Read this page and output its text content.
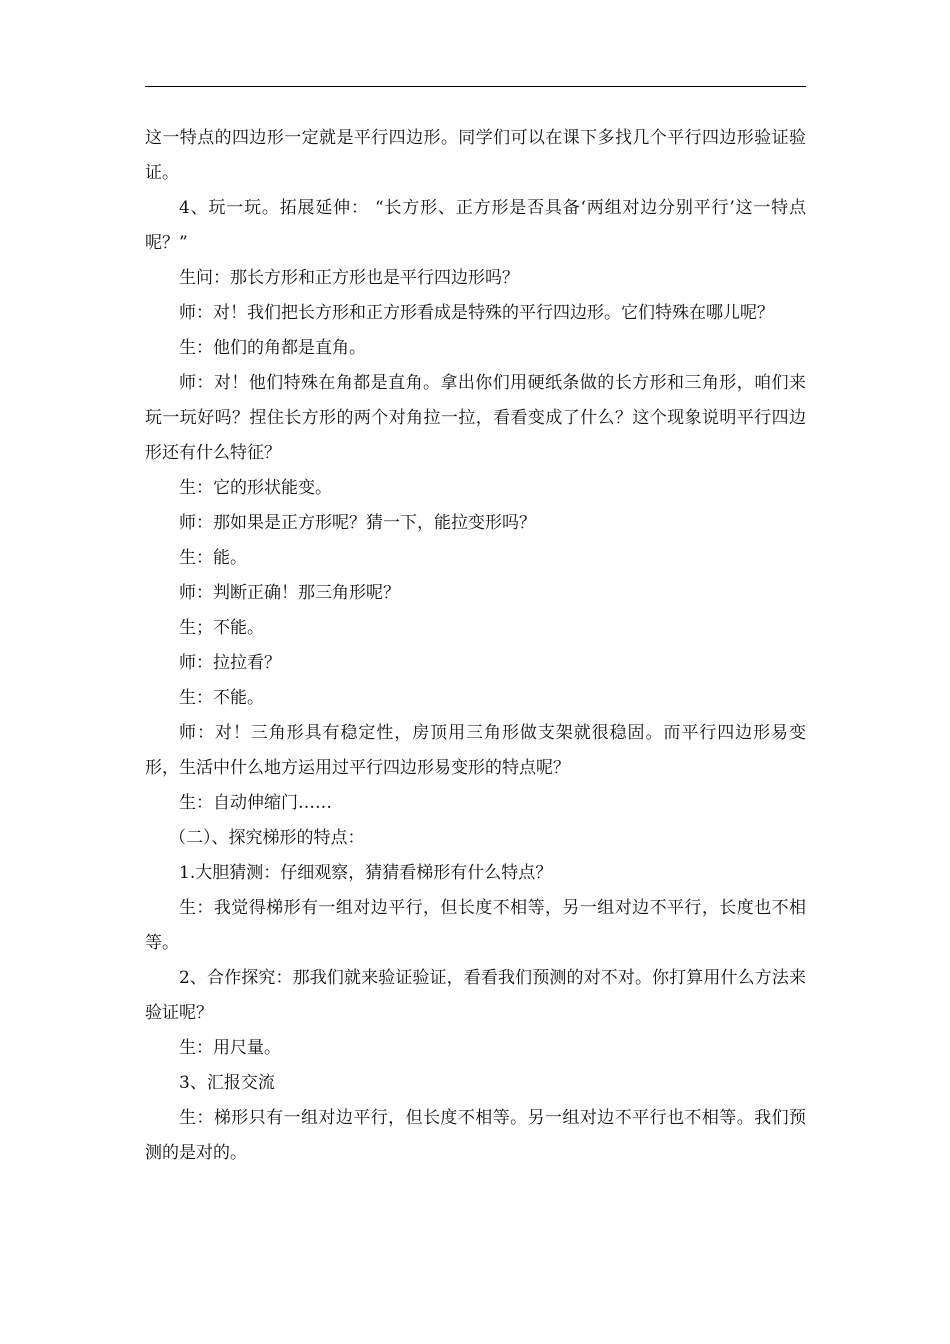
这一特点的四边形一定就是平行四边形。同学们可以在课下多找几个平行四边形验证验证。

4、玩一玩。拓展延伸： “长方形、正方形是否具备‘两组对边分别平行’这一特点呢？”

生问：那长方形和正方形也是平行四边形吗？

师：对！我们把长方形和正方形看成是特殊的平行四边形。它们特殊在哪儿呢？

生：他们的角都是直角。

师：对！他们特殊在角都是直角。拿出你们用硬纸条做的长方形和三角形，咱们来玩一玩好吗？捏住长方形的两个对角拉一拉，看看变成了什么？这个现象说明平行四边形还有什么特征？

生：它的形状能变。

师：那如果是正方形呢？猜一下，能拉变形吗？

生：能。

师：判断正确！那三角形呢？

生；不能。

师：拉拉看？

生：不能。

师：对！三角形具有稳定性，房顶用三角形做支架就很稳固。而平行四边形易变形，生活中什么地方运用过平行四边形易变形的特点呢？

生：自动伸缩门……

（二）、探究梯形的特点：

1.大胆猜测：仔细观察，猜猜看梯形有什么特点？

生：我觉得梯形有一组对边平行，但长度不相等，另一组对边不平行，长度也不相等。

2、合作探究：那我们就来验证验证，看看我们预测的对不对。你打算用什么方法来验证呢？

生：用尺量。

3、汇报交流

生：梯形只有一组对边平行，但长度不相等。另一组对边不平行也不相等。我们预测的是对的。
